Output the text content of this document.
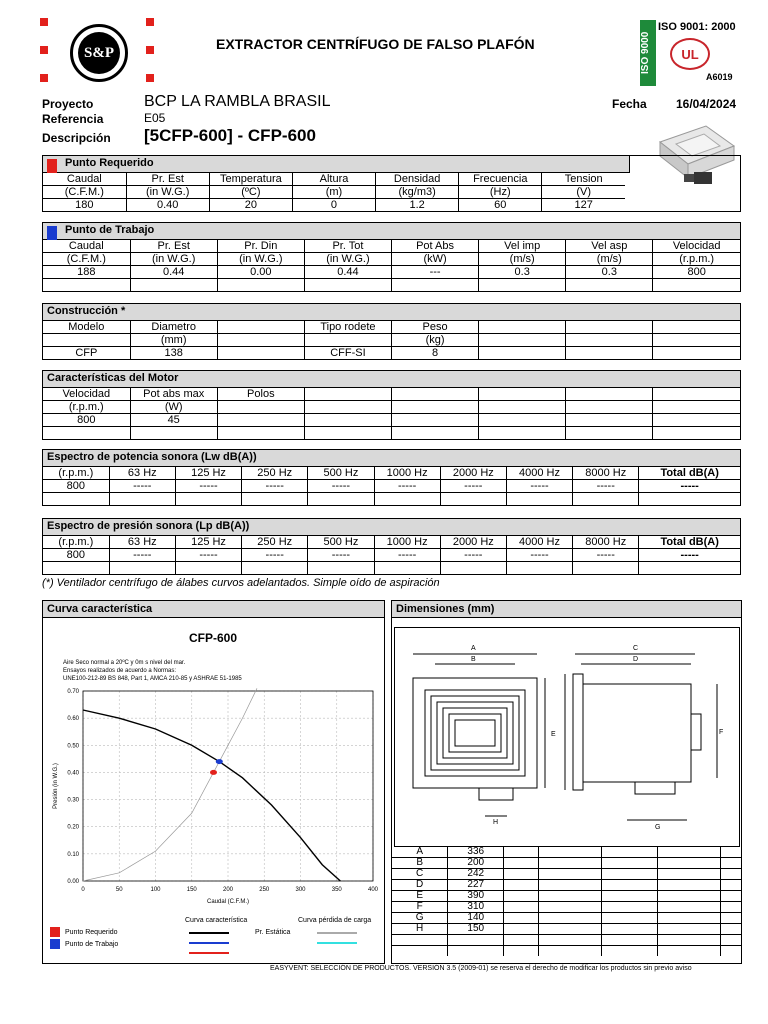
S&P
EXTRACTOR CENTRÍFUGO DE FALSO PLAFÓN	ISO 9000
ISO 9001: 2000
UL
A6019
Proyecto	BCP LA RAMBLA BRASIL
Referencia	E05
Descripción [5CFP-600] - CFP-600
Fecha 16/04/2024
Punto Requerido
Caudal	Pr. Est	Temperatura	Altura	Densidad	Frecuencia	Tension
(C.F.M.)	(in W.G.)	(ºC)	(m)	(kg/m3)	(Hz)	(V)
180	0.40	20	0	1.2	60	127
Punto de Trabajo
Caudal	Pr. Est	Pr. Din	Pr. Tot	Pot Abs	Vel imp	Vel asp	Velocidad
(C.F.M.)	(in W.G.)	(in W.G.)	(in W.G.)	(kW)	(m/s)	(m/s)	(r.p.m.)
188	0.44	0.00	0.44	---	0.3	0.3	800

Construcción *
Modelo	Diametro		Tipo rodete	Peso			
	(mm)			(kg)			
CFP	138		CFF-SI	8			
Características del Motor
Velocidad	Pot abs max	Polos					
(r.p.m.)	(W)						
800	45						

Espectro de potencia sonora (Lw dB(A))
(r.p.m.)	63 Hz	125 Hz	250 Hz	500 Hz	1000 Hz	2000 Hz	4000 Hz	8000 Hz	Total dB(A)
800	-----	-----	-----	-----	-----	-----	-----	-----	-----

Espectro de presión sonora (Lp dB(A))
(r.p.m.)	63 Hz	125 Hz	250 Hz	500 Hz	1000 Hz	2000 Hz	4000 Hz	8000 Hz	Total dB(A)
800	-----	-----	-----	-----	-----	-----	-----	-----	-----

(*) Ventilador centrífugo de álabes curvos adelantados. Simple oído de aspiración
Curva característica
CFP-600
Aire Seco normal a 20ºC y 0m s nivel del mar.
Ensayos realizados de acuerdo a Normas:
UNE100-212-89 BS 848, Part 1, AMCA 210-85 y ASHRAE 51-1985
0	50	100	150	200	250	300	350	400
0.00
0.10
0.20
0.30
0.40
0.50
0.60
0.70
Caudal (C.F.M.)
Presión (in W.G.)
Curva característica	Curva pérdida de carga
Punto Requerido
Punto de Trabajo
Pr. Estática
Dimensiones (mm)
A
B
C
D
E	F
G
H
A	336					
B	200					
C	242					
D	227					
E	390					
F	310					
G	140					
H	150					

EASYVENT: SELECCIÓN DE PRODUCTOS. VERSIÓN 3.5 (2009-01) se reserva el derecho de modificar los productos sin previo aviso
